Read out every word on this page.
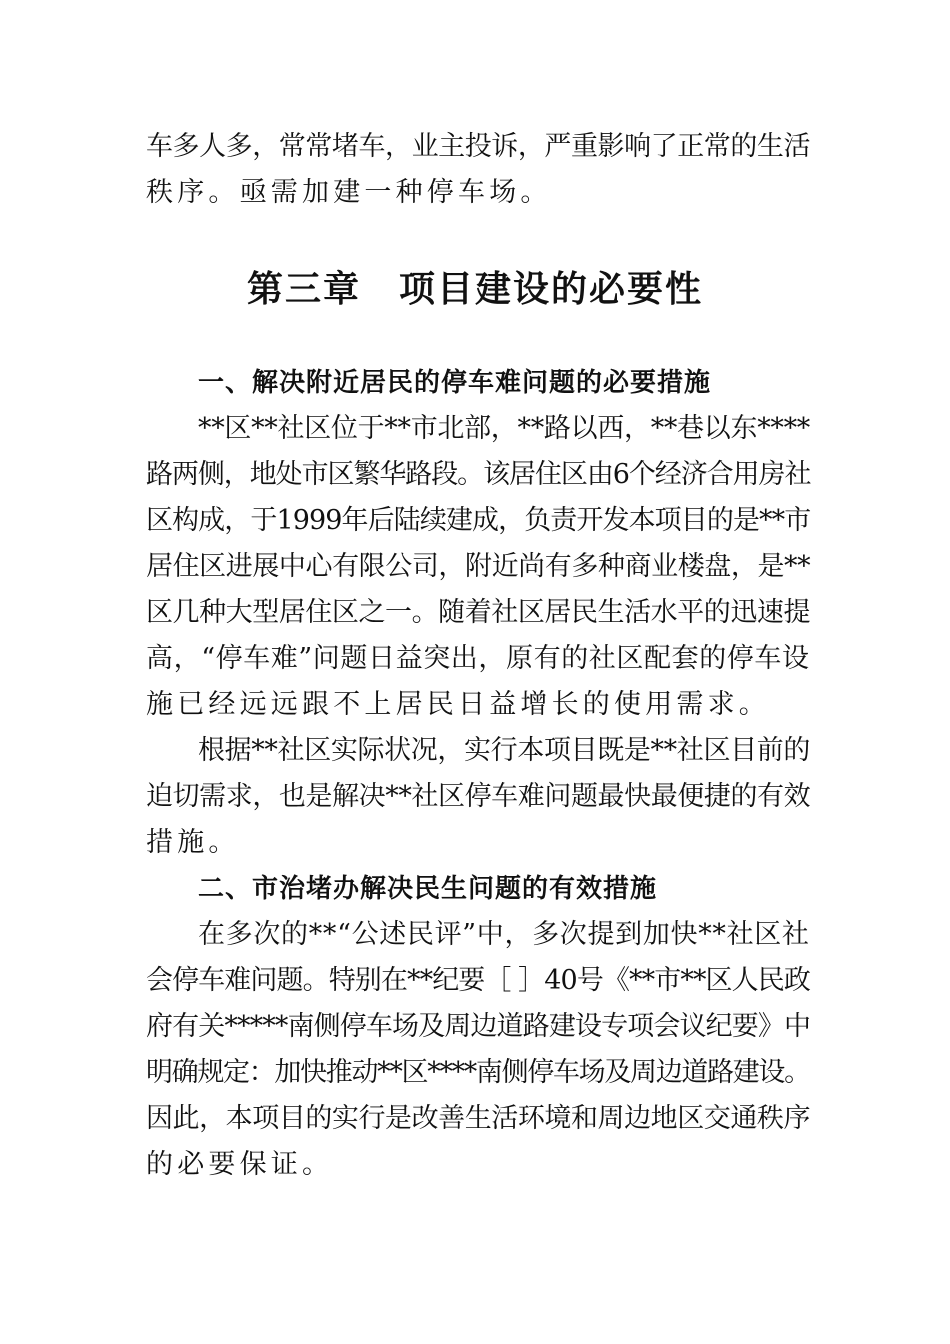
车多人多，常常堵车，业主投诉，严重影响了正常的生活

秩序。亟需加建一种停车场。

第三章　项目建设的必要性
一、解决附近居民的停车难问题的必要措施

**区**社区位于**市北部，**路以西，**巷以东****

路两侧，地处市区繁华路段。该居住区由6个经济合用房社

区构成，于1999年后陆续建成，负责开发本项目的是**市

居住区进展中心有限公司，附近尚有多种商业楼盘，是**

区几种大型居住区之一。随着社区居民生活水平的迅速提

高，“停车难”问题日益突出，原有的社区配套的停车设

施已经远远跟不上居民日益增长的使用需求。

根据**社区实际状况，实行本项目既是**社区目前的

迫切需求，也是解决**社区停车难问题最快最便捷的有效

措施。

二、市治堵办解决民生问题的有效措施

在多次的**“公述民评”中，多次提到加快**社区社

会停车难问题。特别在**纪要［ ］40号《**市**区人民政

府有关*****南侧停车场及周边道路建设专项会议纪要》中

明确规定：加快推动**区****南侧停车场及周边道路建设。

因此，本项目的实行是改善生活环境和周边地区交通秩序

的必要保证。
